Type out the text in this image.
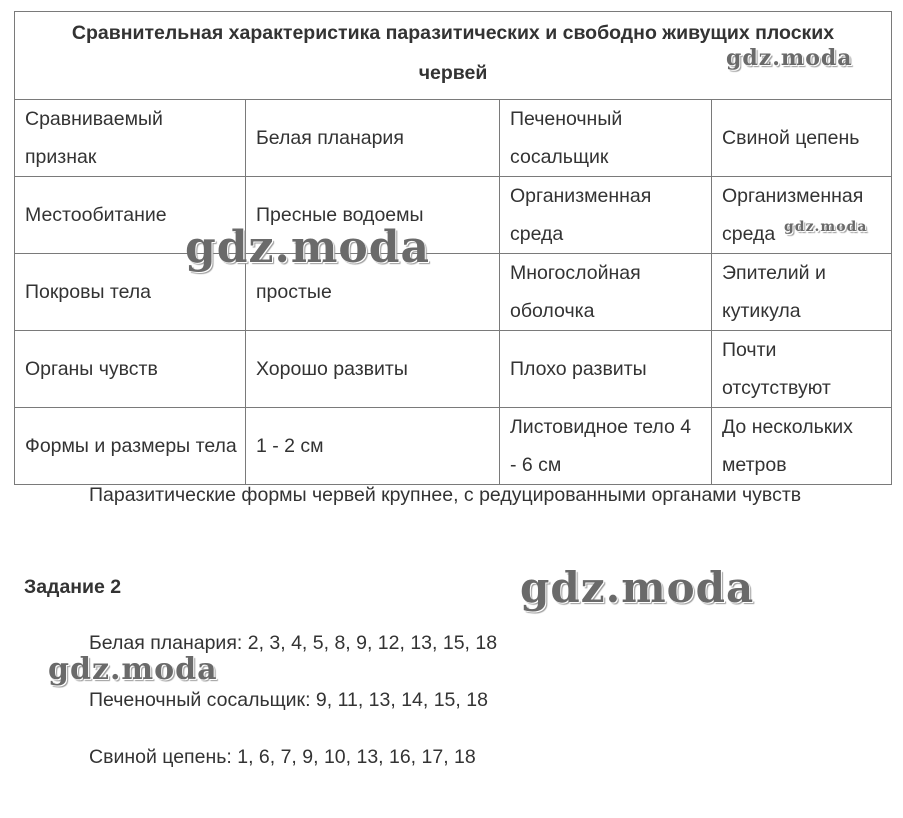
Сравнительная характеристика паразитических и свободно живущих плоских червей			
Сравниваемый признак	Белая планария	Печеночный сосальщик	Свиной цепень
Местообитание	Пресные водоемы	Организменная среда	Организменная среда
Покровы тела	простые	Многослойная оболочка	Эпителий и кутикула
Органы чувств	Хорошо развиты	Плохо развиты	Почти отсутствуют
Формы и размеры тела	1 - 2 см	Листовидное тело 4 - 6 см	До нескольких метров
Паразитические формы червей крупнее, с редуцированными органами чувств
Задание 2
Белая планария: 2, 3, 4, 5, 8, 9, 12, 13, 15, 18
Печеночный сосальщик: 9, 11, 13, 14, 15, 18
Свиной цепень: 1, 6, 7, 9, 10, 13, 16, 17, 18
gdz.moda
gdz.moda	gdz.moda
gdz.moda
gdz.moda
